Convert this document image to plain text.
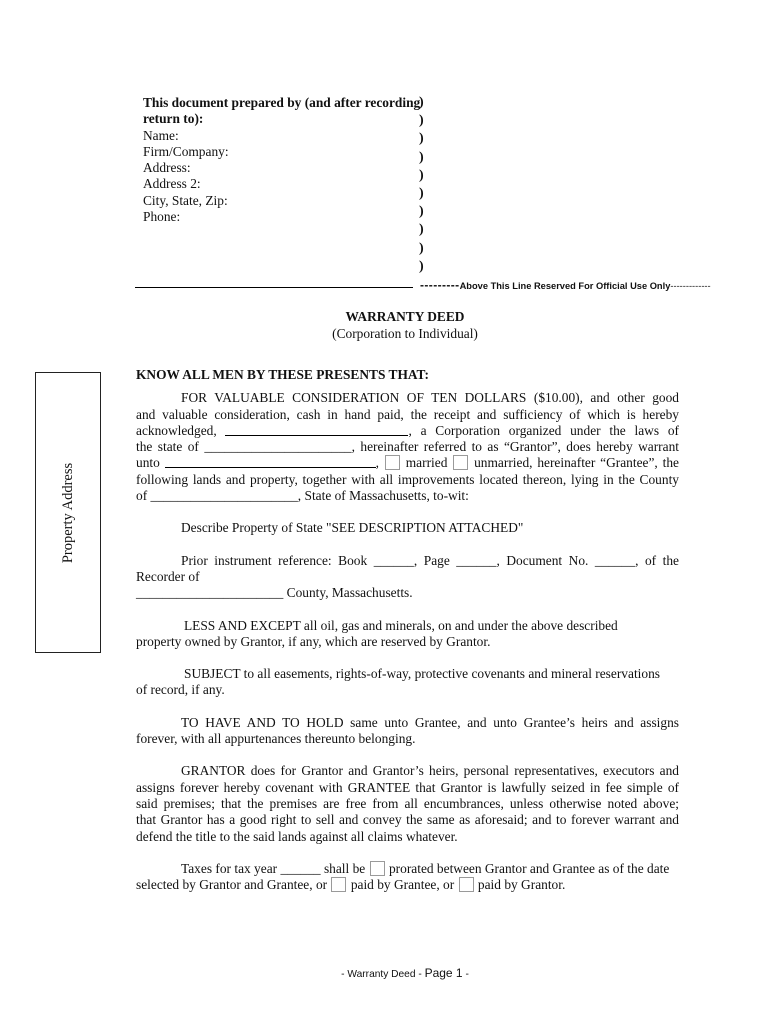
This document prepared by (and after recording
return to):
Name:
Firm/Company:
Address:
Address 2:
City, State, Zip:
Phone:
)
)
)
)
)
)
)
)
)
)
---------Above This Line Reserved For Official Use Only-------------
WARRANTY DEED
(Corporation to Individual)
Property Address
KNOW ALL MEN BY THESE PRESENTS THAT:
FOR VALUABLE CONSIDERATION OF TEN DOLLARS ($10.00), and other good
and valuable consideration, cash in hand paid, the receipt and sufficiency of which is hereby
acknowledged,	, a Corporation organized under the laws of
the state of ______________________, hereinafter referred to as “Grantor”, does hereby warrant
unto	, married unmarried, hereinafter “Grantee”, the
following lands and property, together with all improvements located thereon, lying in the County
of ______________________, State of Massachusetts, to-wit:
Describe Property of State "SEE DESCRIPTION ATTACHED"
Prior instrument reference: Book ______, Page ______, Document No. ______, of the
Recorder of
______________________ County, Massachusetts.
LESS AND EXCEPT all oil, gas and minerals, on and under the above described
property owned by Grantor, if any, which are reserved by Grantor.
SUBJECT to all easements, rights-of-way, protective covenants and mineral reservations
of record, if any.
TO HAVE AND TO HOLD same unto Grantee, and unto Grantee’s heirs and assigns
forever, with all appurtenances thereunto belonging.
GRANTOR does for Grantor and Grantor’s heirs, personal representatives, executors and
assigns forever hereby covenant with GRANTEE that Grantor is lawfully seized in fee simple of
said premises; that the premises are free from all encumbrances, unless otherwise noted above;
that Grantor has a good right to sell and convey the same as aforesaid; and to forever warrant and
defend the title to the said lands against all claims whatever.
Taxes for tax year ______ shall be prorated between Grantor and Grantee as of the date
selected by Grantor and Grantee, or paid by Grantee, or paid by Grantor.
- Warranty Deed - Page 1 -
